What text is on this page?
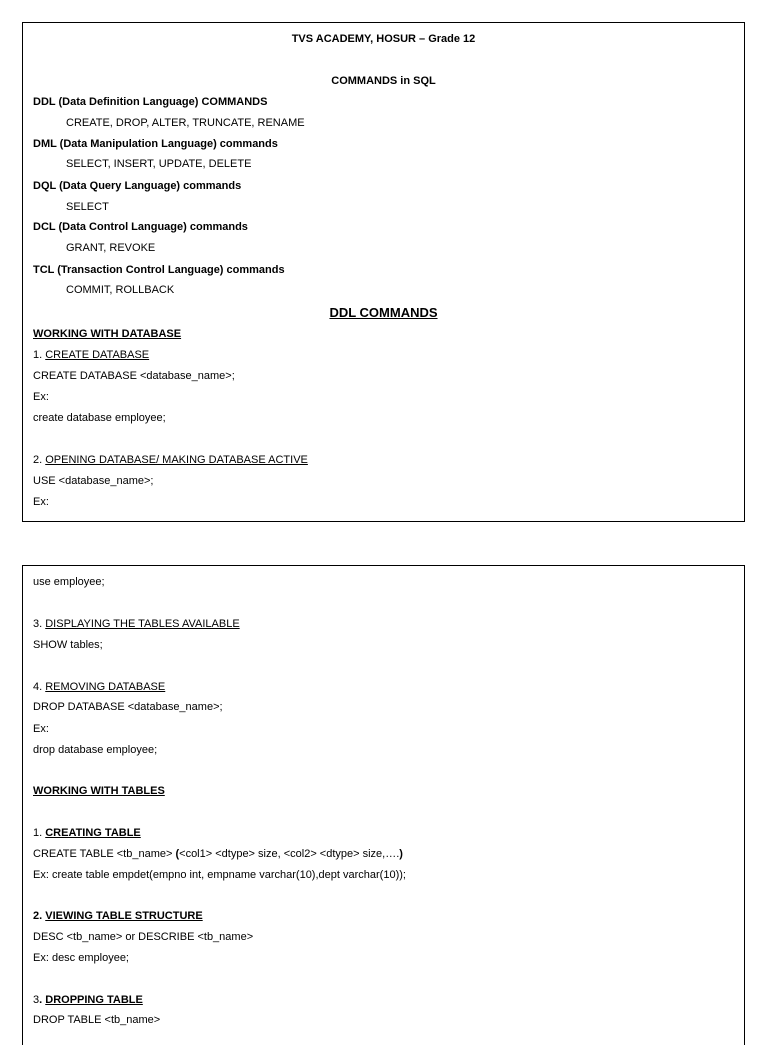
TVS ACADEMY, HOSUR – Grade 12
COMMANDS in SQL
DDL (Data Definition Language) COMMANDS
CREATE, DROP, ALTER, TRUNCATE, RENAME
DML (Data Manipulation Language) commands
SELECT, INSERT, UPDATE, DELETE
DQL (Data Query Language) commands
SELECT
DCL (Data Control Language) commands
GRANT, REVOKE
TCL (Transaction Control Language) commands
COMMIT, ROLLBACK
DDL COMMANDS
WORKING WITH DATABASE
1. CREATE DATABASE
CREATE DATABASE <database_name>;
Ex:
create database employee;
2. OPENING DATABASE/ MAKING DATABASE ACTIVE
USE <database_name>;
Ex:
use employee;
3. DISPLAYING THE TABLES AVAILABLE
SHOW tables;
4. REMOVING DATABASE
DROP DATABASE <database_name>;
Ex:
drop database employee;
WORKING WITH TABLES
1. CREATING TABLE
CREATE TABLE <tb_name> (<col1> <dtype> size, <col2> <dtype> size,….)
Ex: create table empdet(empno int, empname varchar(10),dept varchar(10));
2. VIEWING TABLE STRUCTURE
DESC <tb_name> or DESCRIBE <tb_name>
Ex: desc employee;
3. DROPPING TABLE
DROP TABLE <tb_name>
